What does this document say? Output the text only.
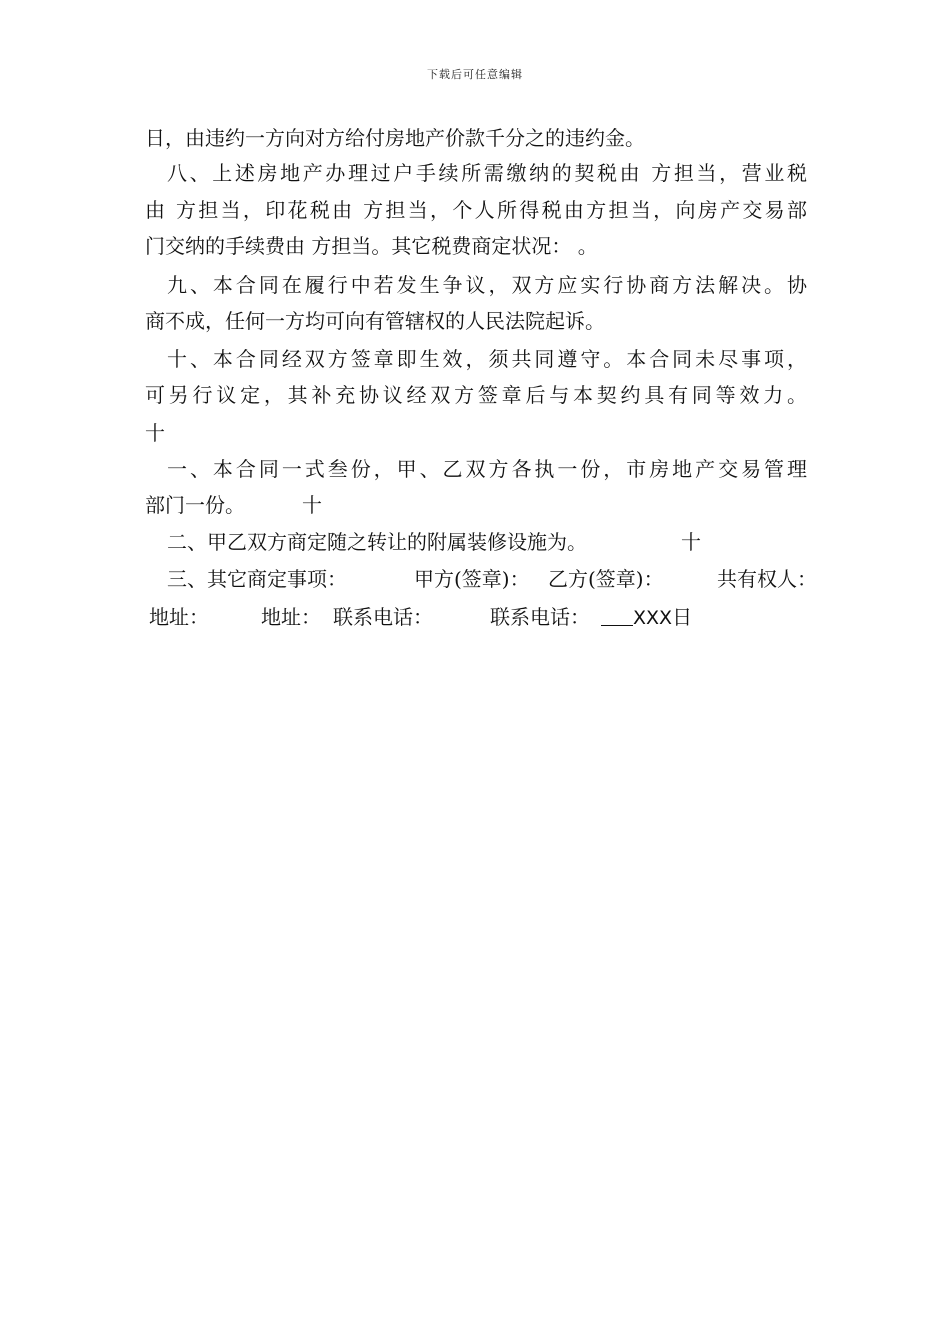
下载后可任意编辑
日，由违约一方向对方给付房地产价款千分之的违约金。
八、上述房地产办理过户手续所需缴纳的契税由 方担当，营业税
由 方担当，印花税由 方担当，个人所得税由方担当，向房产交易部
门交纳的手续费由 方担当。其它税费商定状况： 。
九、本合同在履行中若发生争议，双方应实行协商方法解决。协
商不成，任何一方均可向有管辖权的人民法院起诉。
十、本合同经双方签章即生效，须共同遵守。本合同未尽事项，
可另行议定，其补充协议经双方签章后与本契约具有同等效力。
十
一、本合同一式叁份，甲、乙双方各执一份，市房地产交易管理
部门一份。	十
二、甲乙双方商定随之转让的附属装修设施为。	十
三、其它商定事项：	甲方(签章)： 乙方(签章)：	共有权人：
地址：	地址： 联系电话：	联系电话：	XXX日
